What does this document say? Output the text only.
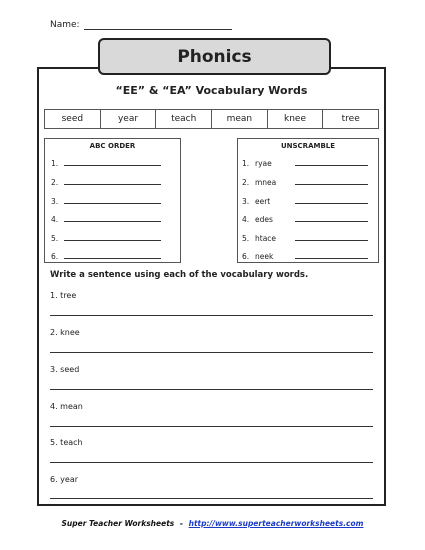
Name:
Phonics
“EE” & “EA” Vocabulary Words
seed	year	teach	mean	knee	tree
ABC ORDER
1.
2.
3.
4.
5.
6.
UNSCRAMBLE
1. ryae
2. mnea
3. eert
4. edes
5. htace
6. neek
Write a sentence using each of the vocabulary words.
1. tree
2. knee
3. seed
4. mean
5. teach
6. year
Super Teacher Worksheets - http://www.superteacherworksheets.com
